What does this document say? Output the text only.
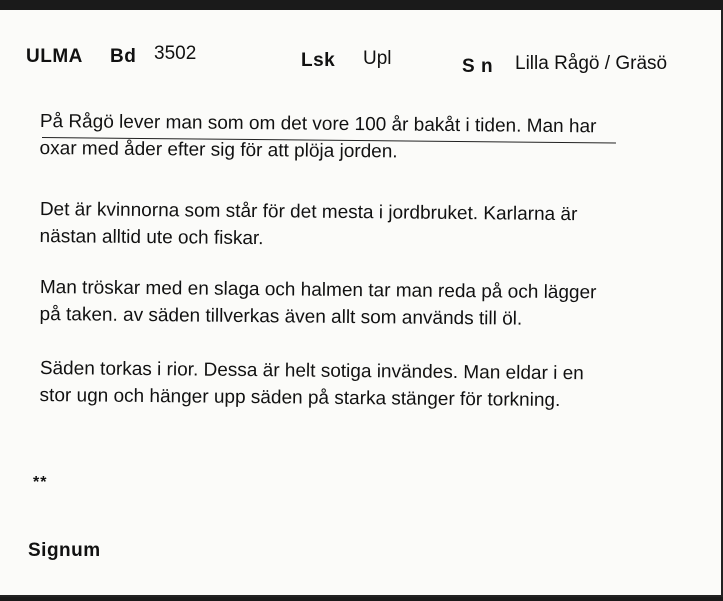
ULMA Bd 3502	Lsk Upl	S n Lilla Rågö / Gräsö
På Rågö lever man som om det vore 100 år bakåt i tiden. Man har
oxar med åder efter sig för att plöja jorden.
Det är kvinnorna som står för det mesta i jordbruket. Karlarna är
nästan alltid ute och fiskar.
Man tröskar med en slaga och halmen tar man reda på och lägger
på taken. av säden tillverkas även allt som används till öl.
Säden torkas i rior. Dessa är helt sotiga invändes. Man eldar i en
stor ugn och hänger upp säden på starka stänger för torkning.
**
Signum
